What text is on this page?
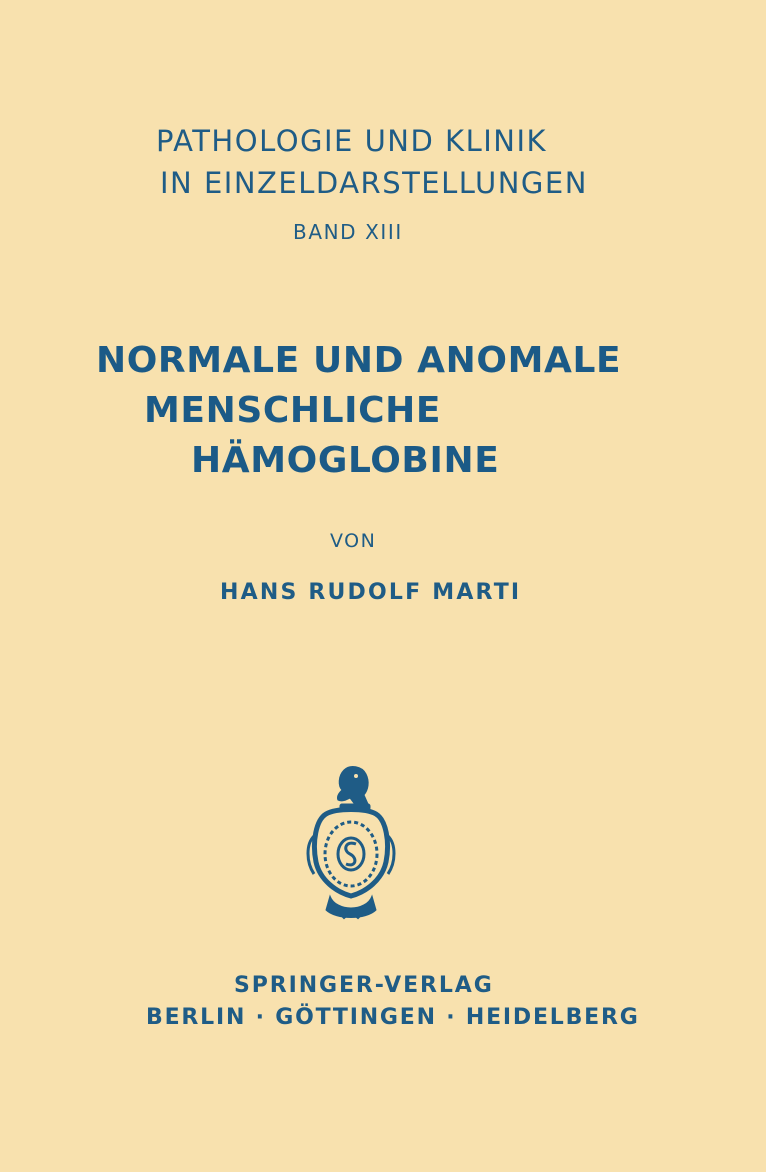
PATHOLOGIE UND KLINIK
IN EINZELDARSTELLUNGEN
BAND XIII
NORMALE UND ANOMALE
MENSCHLICHE
HÄMOGLOBINE
VON
HANS RUDOLF MARTI
SPRINGER-VERLAG
BERLIN · GÖTTINGEN · HEIDELBERG
